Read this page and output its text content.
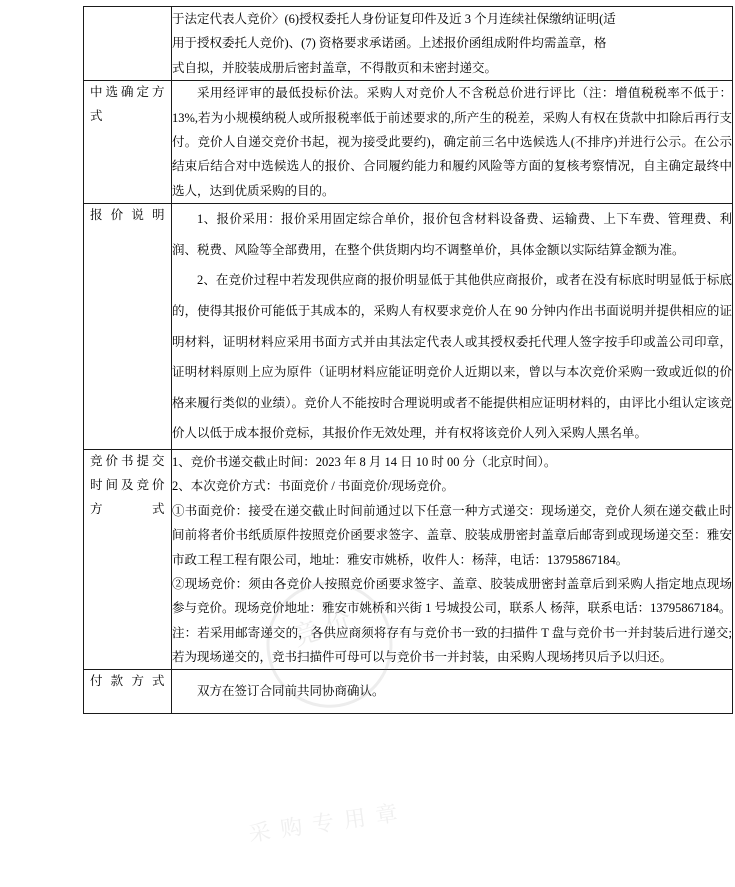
竞价

	于法定代表人竞价〉(6)授权委托人身份证复印件及近 3 个月连续社保缴纳证明(适

用于授权委托人竞价)、(7) 资格要求承诺函。上述报价函组成附件均需盖章，格

式自拟，并胶装成册后密封盖章，不得散页和未密封递交。

中选确定方式	采用经评审的最低投标价法。采购人对竞价人不含税总价进行评比（注：增值税税率不低于：13%,若为小规模纳税人或所报税率低于前述要求的,所产生的税差，采购人有权在货款中扣除后再行支付。竞价人自递交竞价书起，视为接受此要约)，确定前三名中选候选人(不排序)并进行公示。在公示结束后结合对中选候选人的报价、合同履约能力和履约风险等方面的复核考察情况，自主确定最终中选人，达到优质采购的目的。

报价说明	1、报价采用：报价采用固定综合单价，报价包含材料设备费、运输费、上下车费、管理费、利润、税费、风险等全部费用，在整个供货期内均不调整单价，具体金额以实际结算金额为准。

2、在竞价过程中若发现供应商的报价明显低于其他供应商报价，或者在没有标底时明显低于标底的，使得其报价可能低于其成本的，采购人有权要求竞价人在 90 分钟内作出书面说明并提供相应的证明材料，证明材料应采用书面方式并由其法定代表人或其授权委托代理人签字按手印或盖公司印章，证明材料原则上应为原件（证明材料应能证明竞价人近期以来，曾以与本次竞价采购一致或近似的价格来履行类似的业绩）。竞价人不能按时合理说明或者不能提供相应证明材料的，由评比小组认定该竞价人以低于成本报价竞标，其报价作无效处理，并有权将该竞价人列入采购人黑名单。

竞价书提交时间及竞价方式	1、竞价书递交截止时间：2023 年 8 月 14 日 10 时 00 分（北京时间）。

2、本次竞价方式：书面竞价 / 书面竞价/现场竞价。

①书面竞价：接受在递交截止时间前通过以下任意一种方式递交：现场递交，竞价人须在递交截止时间前将者价书纸质原件按照竞价函要求签字、盖章、胶装成册密封盖章后邮寄到或现场递交至：雅安市政工程工程有限公司，地址：雅安市姚桥，收件人：杨萍，电话：13795867184。

②现场竞价：须由各竞价人按照竞价函要求签字、盖章、胶装成册密封盖章后到采购人指定地点现场参与竞价。现场竞价地址：雅安市姚桥和兴街 1 号城投公司，联系人 杨萍，联系电话：13795867184。

注：若采用邮寄递交的，各供应商须将存有与竞价书一致的扫描件 T 盘与竞价书一并封装后进行递交;若为现场递交的，竞书扫描件可母可以与竞价书一并封装，由采购人现场拷贝后予以归还。

付款方式	双方在签订合同前共同协商确认。

采购专用章
